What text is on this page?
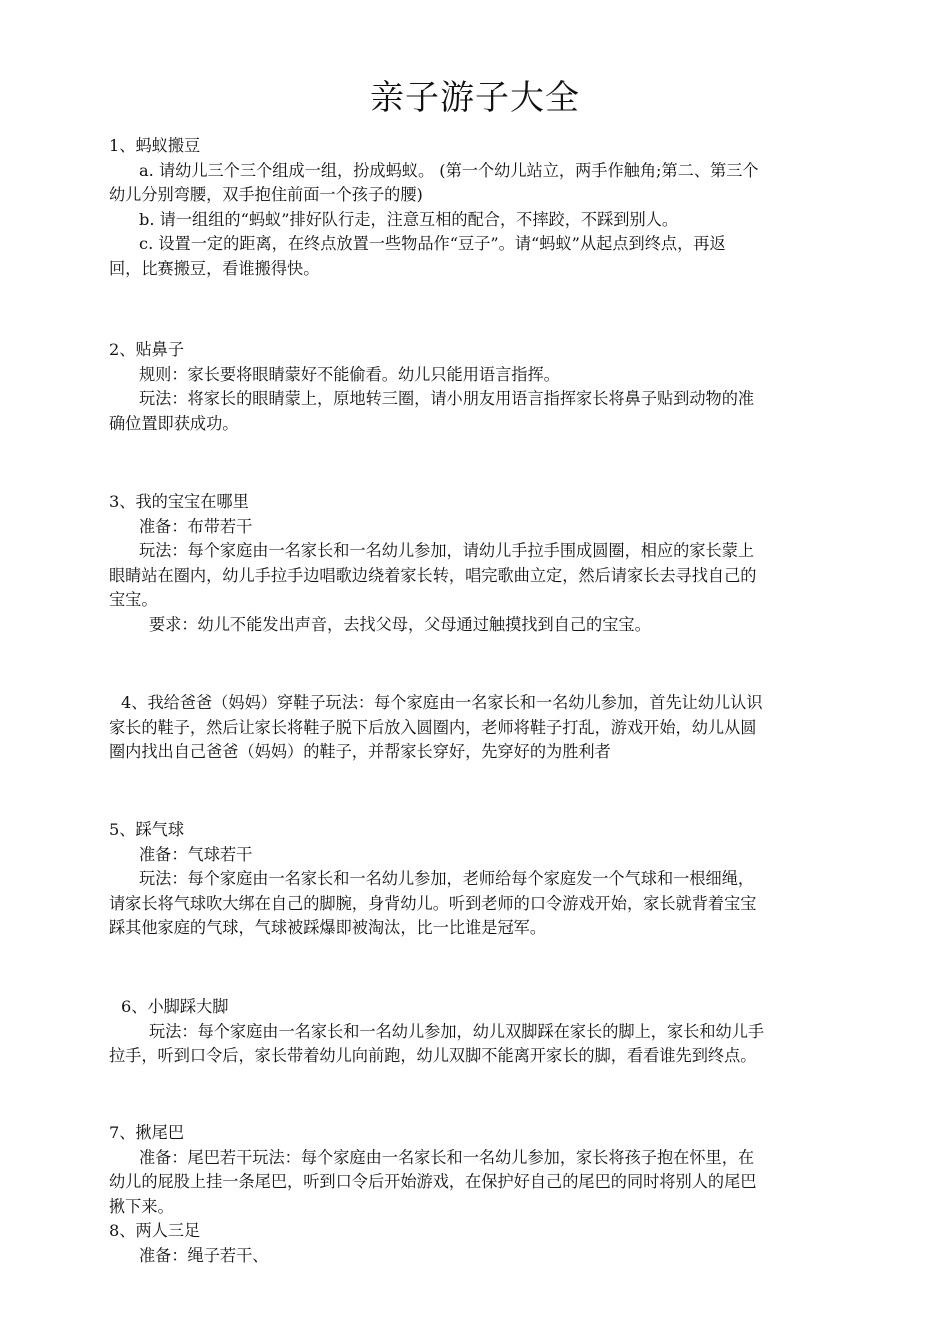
亲子游子大全
1、蚂蚁搬豆
a. 请幼儿三个三个组成一组，扮成蚂蚁。 (第一个幼儿站立，两手作触角;第二、第三个
幼儿分别弯腰，双手抱住前面一个孩子的腰)
b. 请一组组的“蚂蚁”排好队行走，注意互相的配合，不摔跤，不踩到别人。
c. 设置一定的距离，在终点放置一些物品作“豆子”。请“蚂蚁”从起点到终点，再返
回，比赛搬豆，看谁搬得快。
2、贴鼻子
规则：家长要将眼睛蒙好不能偷看。幼儿只能用语言指挥。
玩法：将家长的眼睛蒙上，原地转三圈，请小朋友用语言指挥家长将鼻子贴到动物的准
确位置即获成功。
3、我的宝宝在哪里
准备：布带若干
玩法：每个家庭由一名家长和一名幼儿参加，请幼儿手拉手围成圆圈，相应的家长蒙上
眼睛站在圈内，幼儿手拉手边唱歌边绕着家长转，唱完歌曲立定，然后请家长去寻找自己的
宝宝。
要求：幼儿不能发出声音，去找父母，父母通过触摸找到自己的宝宝。
4、我给爸爸（妈妈）穿鞋子玩法：每个家庭由一名家长和一名幼儿参加，首先让幼儿认识
家长的鞋子，然后让家长将鞋子脱下后放入圆圈内，老师将鞋子打乱，游戏开始，幼儿从圆
圈内找出自己爸爸（妈妈）的鞋子，并帮家长穿好，先穿好的为胜利者
5、踩气球
准备：气球若干
玩法：每个家庭由一名家长和一名幼儿参加，老师给每个家庭发一个气球和一根细绳，
请家长将气球吹大绑在自己的脚腕，身背幼儿。听到老师的口令游戏开始，家长就背着宝宝
踩其他家庭的气球，气球被踩爆即被淘汰，比一比谁是冠军。
6、小脚踩大脚
玩法：每个家庭由一名家长和一名幼儿参加，幼儿双脚踩在家长的脚上，家长和幼儿手
拉手，听到口令后，家长带着幼儿向前跑，幼儿双脚不能离开家长的脚，看看谁先到终点。
7、揪尾巴
准备：尾巴若干玩法：每个家庭由一名家长和一名幼儿参加，家长将孩子抱在怀里，在
幼儿的屁股上挂一条尾巴，听到口令后开始游戏，在保护好自己的尾巴的同时将别人的尾巴
揪下来。
8、两人三足
准备：绳子若干、
